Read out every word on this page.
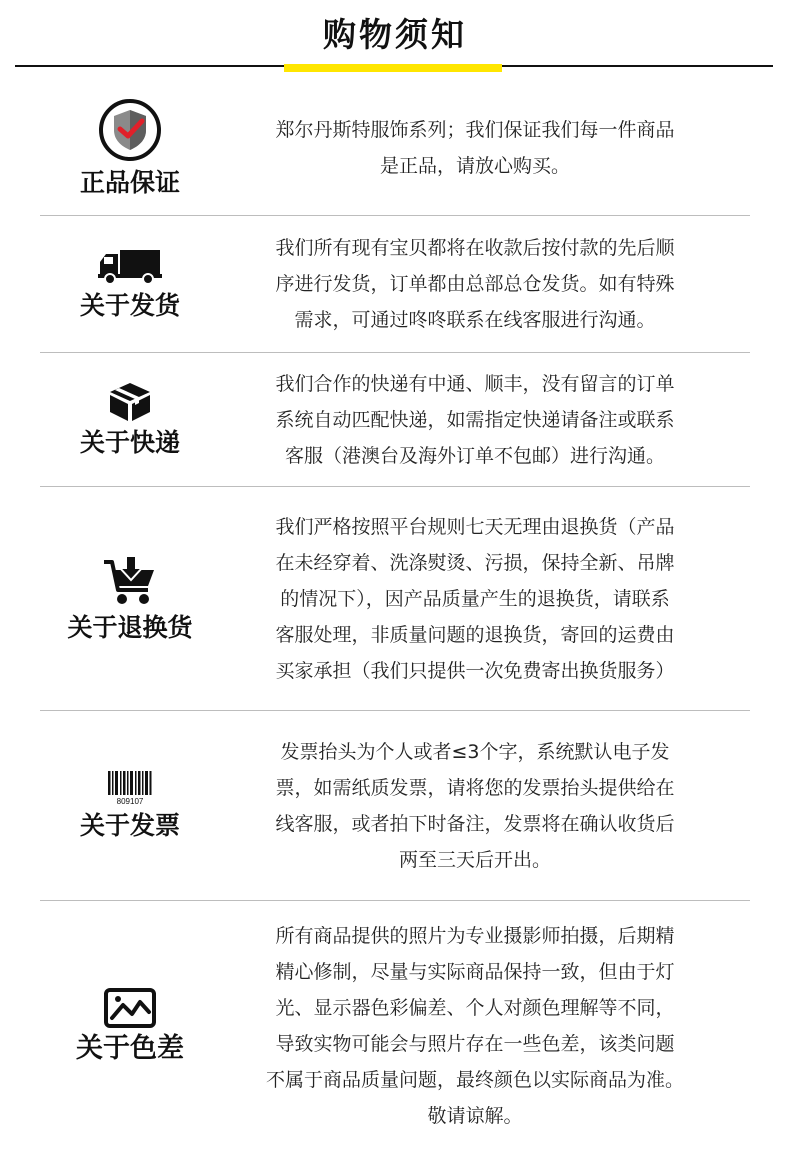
购物须知
正品保证
郑尔丹斯特服饰系列；我们保证我们每一件商品
是正品，请放心购买。
关于发货
我们所有现有宝贝都将在收款后按付款的先后顺
序进行发货，订单都由总部总仓发货。如有特殊
需求，可通过咚咚联系在线客服进行沟通。
关于快递
我们合作的快递有中通、顺丰，没有留言的订单
系统自动匹配快递，如需指定快递请备注或联系
客服（港澳台及海外订单不包邮）进行沟通。
关于退换货
我们严格按照平台规则七天无理由退换货（产品
在未经穿着、洗涤熨烫、污损，保持全新、吊牌
的情况下），因产品质量产生的退换货，请联系
客服处理，非质量问题的退换货，寄回的运费由
买家承担（我们只提供一次免费寄出换货服务）
809107
关于发票
发票抬头为个人或者≤3个字，系统默认电子发
票，如需纸质发票，请将您的发票抬头提供给在
线客服，或者拍下时备注，发票将在确认收货后
两至三天后开出。
关于色差
所有商品提供的照片为专业摄影师拍摄，后期精
精心修制，尽量与实际商品保持一致，但由于灯
光、显示器色彩偏差、个人对颜色理解等不同，
导致实物可能会与照片存在一些色差，该类问题
不属于商品质量问题，最终颜色以实际商品为准。
敬请谅解。
